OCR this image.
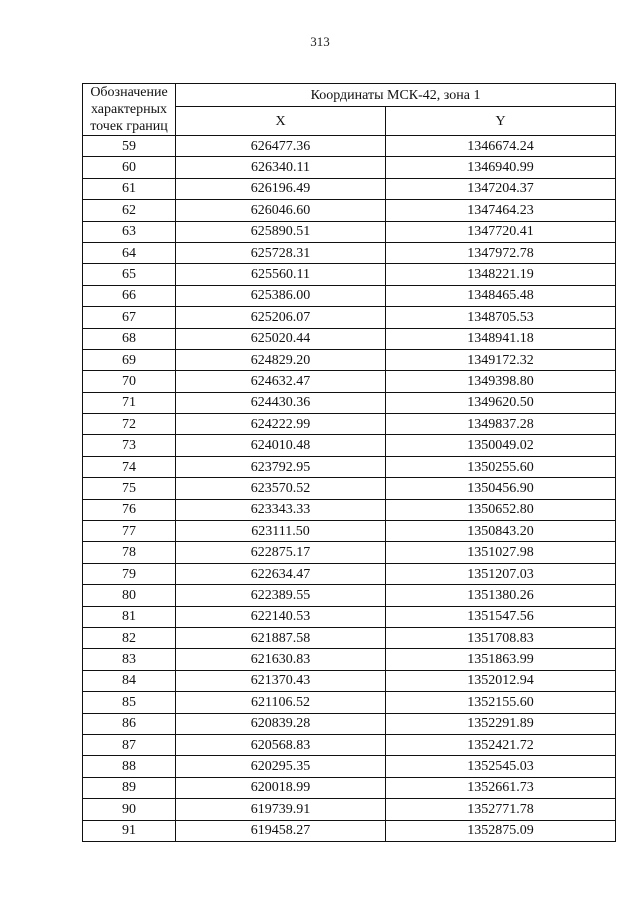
313
Обозначение
характерных
точек границ	Координаты МСК-42, зона 1	
	X	Y
59	626477.36	1346674.24
60	626340.11	1346940.99
61	626196.49	1347204.37
62	626046.60	1347464.23
63	625890.51	1347720.41
64	625728.31	1347972.78
65	625560.11	1348221.19
66	625386.00	1348465.48
67	625206.07	1348705.53
68	625020.44	1348941.18
69	624829.20	1349172.32
70	624632.47	1349398.80
71	624430.36	1349620.50
72	624222.99	1349837.28
73	624010.48	1350049.02
74	623792.95	1350255.60
75	623570.52	1350456.90
76	623343.33	1350652.80
77	623111.50	1350843.20
78	622875.17	1351027.98
79	622634.47	1351207.03
80	622389.55	1351380.26
81	622140.53	1351547.56
82	621887.58	1351708.83
83	621630.83	1351863.99
84	621370.43	1352012.94
85	621106.52	1352155.60
86	620839.28	1352291.89
87	620568.83	1352421.72
88	620295.35	1352545.03
89	620018.99	1352661.73
90	619739.91	1352771.78
91	619458.27	1352875.09
